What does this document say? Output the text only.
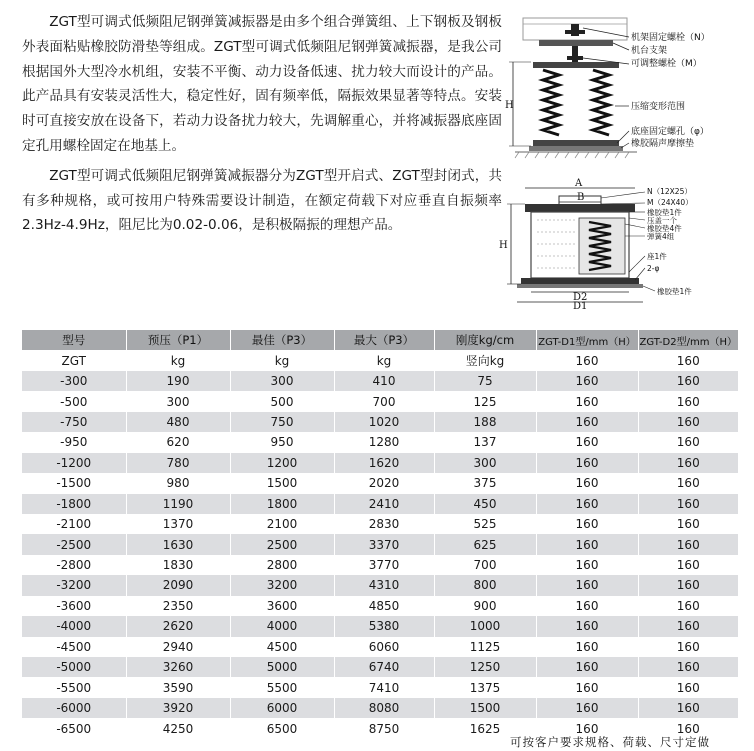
ZGT型可调式低频阻尼钢弹簧减振器是由多个组合弹簧组、上下钢板及钢板外表面粘贴橡胶防滑垫等组成。ZGT型可调式低频阻尼钢弹簧减振器，是我公司根据国外大型冷水机组，安装不平衡、动力设备低速、扰力较大而设计的产品。此产品具有安装灵活性大，稳定性好，固有频率低，隔振效果显著等特点。安装时可直接安放在设备下，若动力设备扰力较大，先调解重心，并将减振器底座固定孔用螺栓固定在地基上。

ZGT型可调式低频阻尼钢弹簧减振器分为ZGT型开启式、ZGT型封闭式，共有多种规格，或可按用户特殊需要设计制造，在额定荷载下对应垂直自振频率2.3Hz-4.9Hz，阻尼比为0.02-0.06，是积极隔振的理想产品。

H
机架固定螺栓（N）
机台支架
可调整螺栓（M）
压缩变形范围
底座固定螺孔（φ）
橡胶隔声摩擦垫
A
B
D2
D1
H
N（12X25）
M（24X40）
橡胶垫1件
压盖一个
橡胶垫4件
弹簧4组
座1件
2-φ
橡胶垫1件
型号	预压（P1）	最佳（P3）	最大（P3）	刚度kg/cm	ZGT-D1型/mm（H）	ZGT-D2型/mm（H）
ZGT	kg	kg	kg	竖向kg	160	160
-300	190	300	410	75	160	160
-500	300	500	700	125	160	160
-750	480	750	1020	188	160	160
-950	620	950	1280	137	160	160
-1200	780	1200	1620	300	160	160
-1500	980	1500	2020	375	160	160
-1800	1190	1800	2410	450	160	160
-2100	1370	2100	2830	525	160	160
-2500	1630	2500	3370	625	160	160
-2800	1830	2800	3770	700	160	160
-3200	2090	3200	4310	800	160	160
-3600	2350	3600	4850	900	160	160
-4000	2620	4000	5380	1000	160	160
-4500	2940	4500	6060	1125	160	160
-5000	3260	5000	6740	1250	160	160
-5500	3590	5500	7410	1375	160	160
-6000	3920	6000	8080	1500	160	160
-6500	4250	6500	8750	1625	160	160
可按客户要求规格、荷载、尺寸定做
